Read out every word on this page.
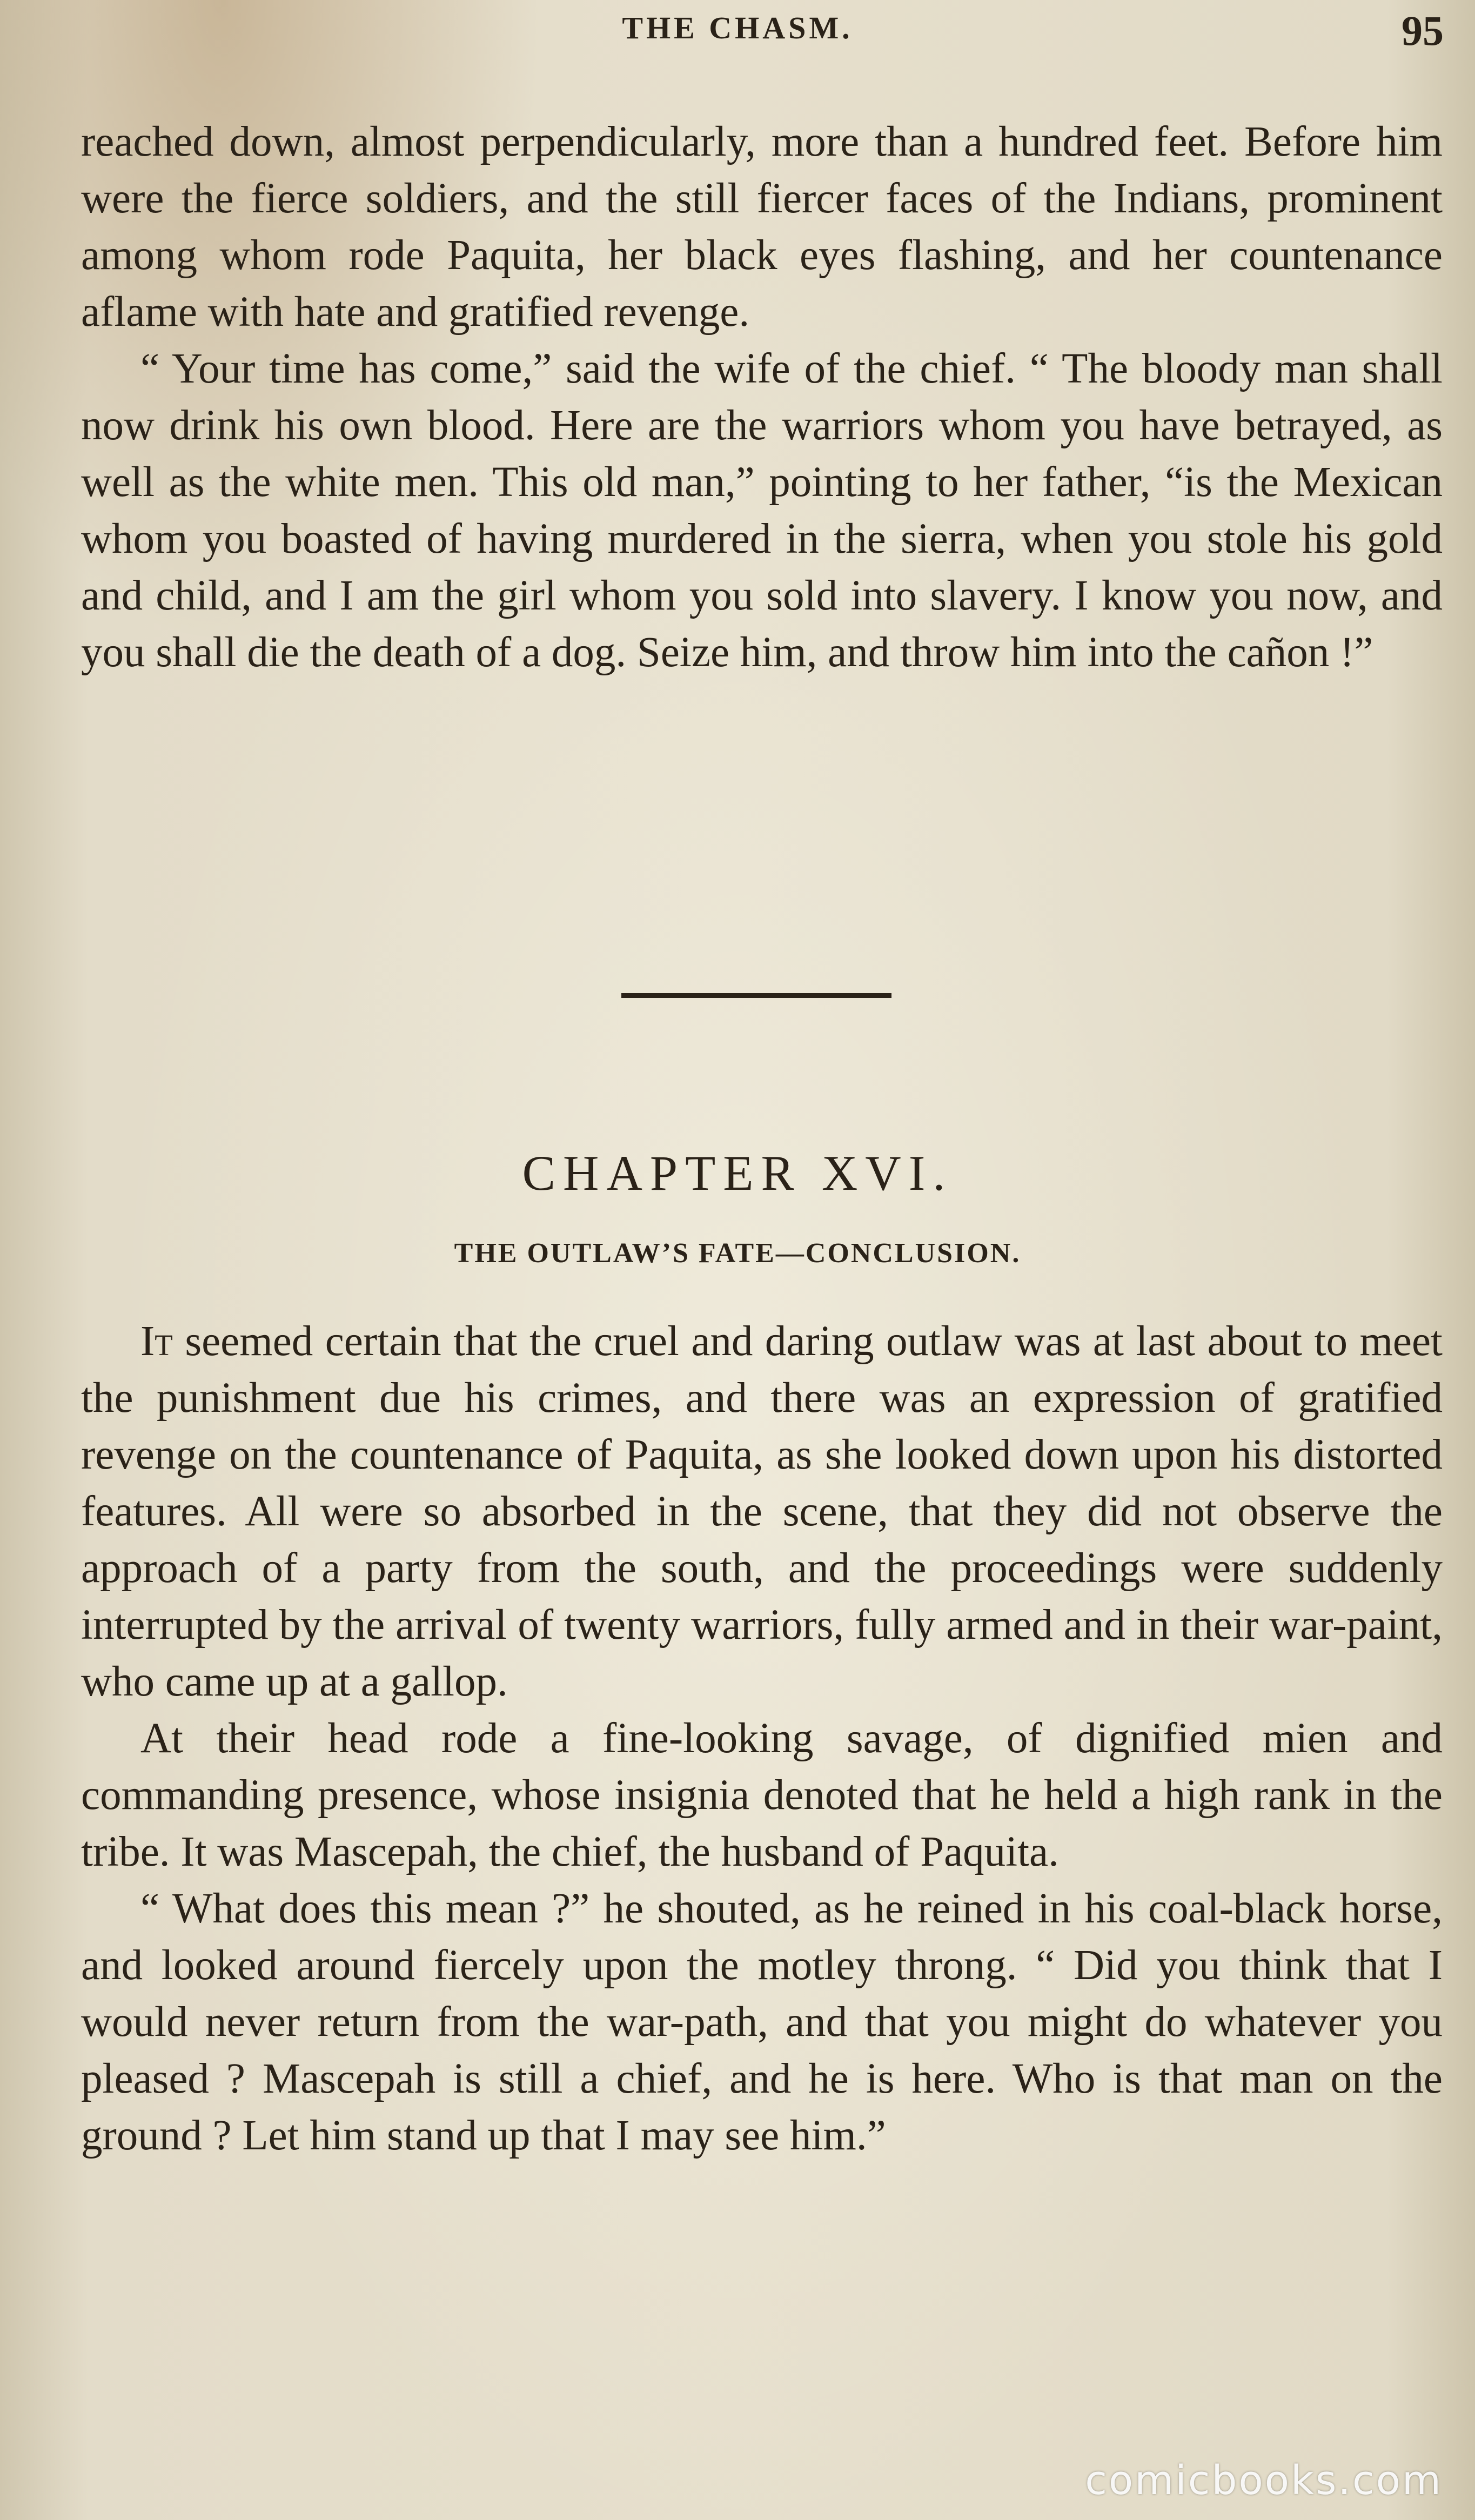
THE CHASM.	95

reached down, almost perpendicularly, more than a hundred feet. Before him were the fierce soldiers, and the still fiercer faces of the Indians, prominent among whom rode Paquita, her black eyes flashing, and her countenance aflame with hate and gratified revenge.

“ Your time has come,” said the wife of the chief. “ The bloody man shall now drink his own blood. Here are the warriors whom you have betrayed, as well as the white men. This old man,” pointing to her father, “is the Mexican whom you boasted of having murdered in the sierra, when you stole his gold and child, and I am the girl whom you sold into slavery. I know you now, and you shall die the death of a dog. Seize him, and throw him into the cañon !”

CHAPTER XVI.
THE OUTLAW’S FATE—CONCLUSION.

It seemed certain that the cruel and daring outlaw was at last about to meet the punishment due his crimes, and there was an expression of gratified revenge on the countenance of Paquita, as she looked down upon his distorted features. All were so absorbed in the scene, that they did not observe the approach of a party from the south, and the proceedings were suddenly interrupted by the arrival of twenty warriors, fully armed and in their war-paint, who came up at a gallop.

At their head rode a fine-looking savage, of dignified mien and commanding presence, whose insignia denoted that he held a high rank in the tribe. It was Mascepah, the chief, the husband of Paquita.

“ What does this mean ?” he shouted, as he reined in his coal-black horse, and looked around fiercely upon the motley throng. “ Did you think that I would never return from the war-path, and that you might do whatever you pleased ? Mascepah is still a chief, and he is here. Who is that man on the ground ? Let him stand up that I may see him.”

comicbooks.com
